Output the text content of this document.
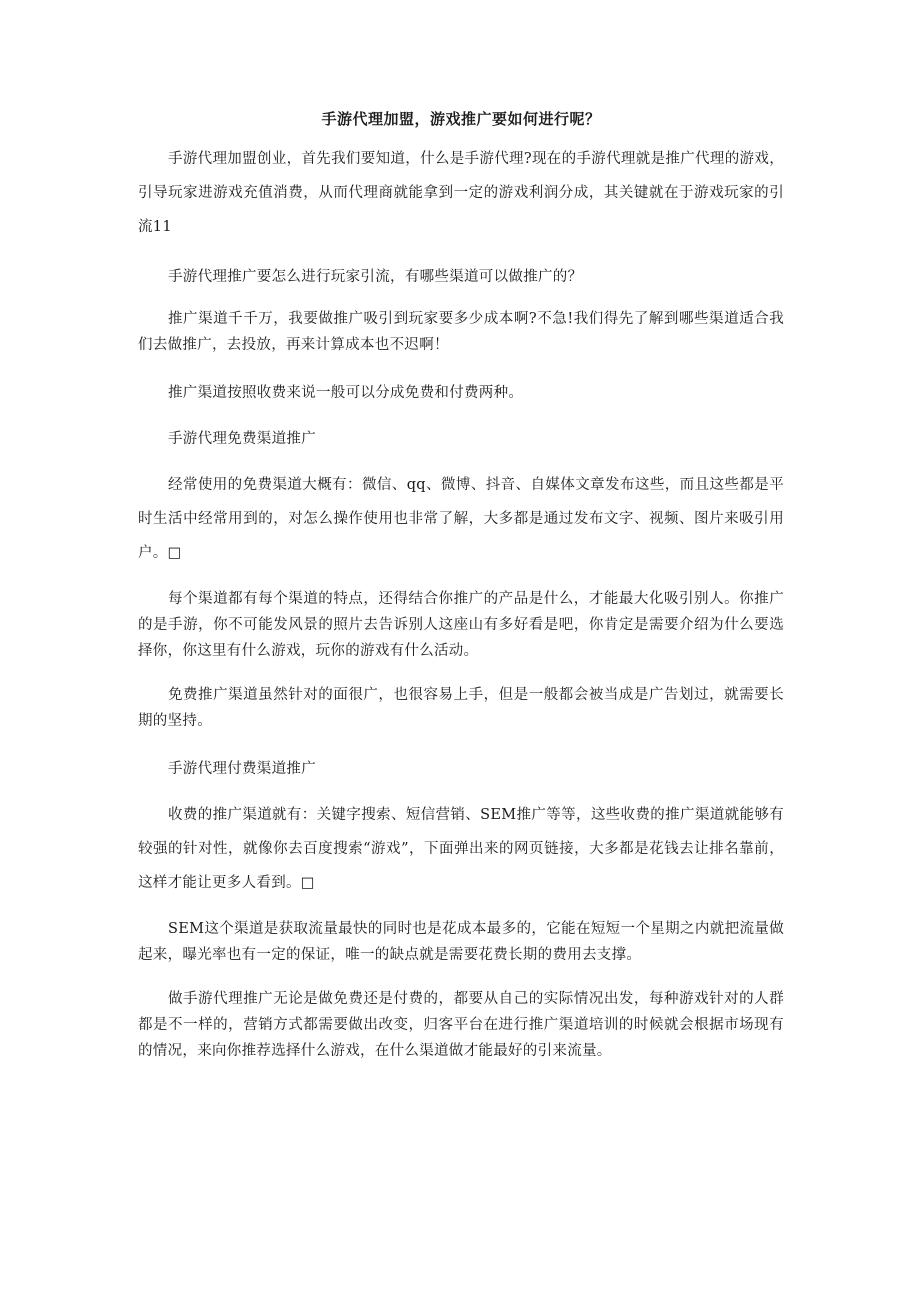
手游代理加盟，游戏推广要如何进行呢？

手游代理加盟创业，首先我们要知道，什么是手游代理?现在的手游代理就是推广代理的游戏，引导玩家进游戏充值消费，从而代理商就能拿到一定的游戏利润分成，其关键就在于游戏玩家的引流11

手游代理推广要怎么进行玩家引流，有哪些渠道可以做推广的？

推广渠道千千万，我要做推广吸引到玩家要多少成本啊?不急!我们得先了解到哪些渠道适合我们去做推广，去投放，再来计算成本也不迟啊！

推广渠道按照收费来说一般可以分成免费和付费两种。

手游代理免费渠道推广

经常使用的免费渠道大概有：微信、qq、微博、抖音、自媒体文章发布这些，而且这些都是平时生活中经常用到的，对怎么操作使用也非常了解，大多都是通过发布文字、视频、图片来吸引用户。□

每个渠道都有每个渠道的特点，还得结合你推广的产品是什么，才能最大化吸引别人。你推广的是手游，你不可能发风景的照片去告诉别人这座山有多好看是吧，你肯定是需要介绍为什么要选择你，你这里有什么游戏，玩你的游戏有什么活动。

免费推广渠道虽然针对的面很广，也很容易上手，但是一般都会被当成是广告划过，就需要长期的坚持。

手游代理付费渠道推广

收费的推广渠道就有：关键字搜索、短信营销、SEM推广等等，这些收费的推广渠道就能够有较强的针对性，就像你去百度搜索“游戏”，下面弹出来的网页链接，大多都是花钱去让排名靠前，这样才能让更多人看到。□

SEM这个渠道是获取流量最快的同时也是花成本最多的，它能在短短一个星期之内就把流量做起来，曝光率也有一定的保证，唯一的缺点就是需要花费长期的费用去支撑。

做手游代理推广无论是做免费还是付费的，都要从自己的实际情况出发，每种游戏针对的人群都是不一样的，营销方式都需要做出改变，归客平台在进行推广渠道培训的时候就会根据市场现有的情况，来向你推荐选择什么游戏，在什么渠道做才能最好的引来流量。
